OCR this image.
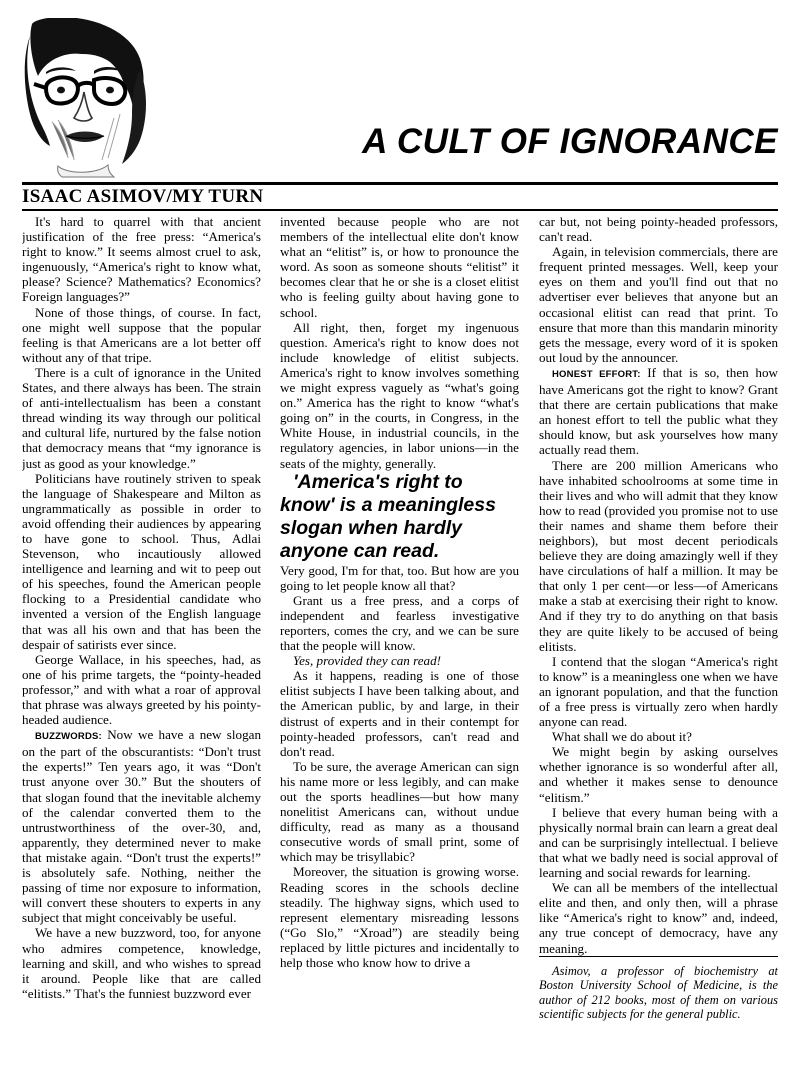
A CULT OF IGNORANCE
ISAAC ASIMOV/MY TURN

It's hard to quarrel with that ancient justification of the free press: “America's right to know.” It seems almost cruel to ask, ingenuously, “America's right to know what, please? Science? Mathematics? Economics? Foreign languages?”

None of those things, of course. In fact, one might well suppose that the popular feeling is that Americans are a lot better off without any of that tripe.

There is a cult of ignorance in the United States, and there always has been. The strain of anti-intellectualism has been a constant thread winding its way through our political and cultural life, nurtured by the false notion that democracy means that “my ignorance is just as good as your knowledge.”

Politicians have routinely striven to speak the language of Shakespeare and Milton as ungrammatically as possible in order to avoid offending their audiences by appearing to have gone to school. Thus, Adlai Stevenson, who incautiously allowed intelligence and learning and wit to peep out of his speeches, found the American people flocking to a Presidential candidate who invented a version of the English language that was all his own and that has been the despair of satirists ever since.

George Wallace, in his speeches, had, as one of his prime targets, the “pointy-headed professor,” and with what a roar of approval that phrase was always greeted by his pointy-headed audience.

BUZZWORDS: Now we have a new slogan on the part of the obscurantists: “Don't trust the experts!” Ten years ago, it was “Don't trust anyone over 30.” But the shouters of that slogan found that the inevitable alchemy of the calendar converted them to the untrustworthiness of the over-30, and, apparently, they determined never to make that mistake again. “Don't trust the experts!” is absolutely safe. Nothing, neither the passing of time nor exposure to information, will convert these shouters to experts in any subject that might conceivably be useful.

We have a new buzzword, too, for anyone who admires competence, knowledge, learning and skill, and who wishes to spread it around. People like that are called “elitists.” That's the funniest buzzword ever

invented because people who are not members of the intellectual elite don't know what an “elitist” is, or how to pronounce the word. As soon as someone shouts “elitist” it becomes clear that he or she is a closet elitist who is feeling guilty about having gone to school.

All right, then, forget my ingenuous question. America's right to know does not include knowledge of elitist subjects. America's right to know involves something we might express vaguely as “what's going on.” America has the right to know “what's going on” in the courts, in Congress, in the White House, in industrial councils, in the regulatory agencies, in labor unions—in the seats of the mighty, generally.

'America's right to know' is a meaningless slogan when hardly anyone can read.

Very good, I'm for that, too. But how are you going to let people know all that?

Grant us a free press, and a corps of independent and fearless investigative reporters, comes the cry, and we can be sure that the people will know.

Yes, provided they can read!

As it happens, reading is one of those elitist subjects I have been talking about, and the American public, by and large, in their distrust of experts and in their contempt for pointy-headed professors, can't read and don't read.

To be sure, the average American can sign his name more or less legibly, and can make out the sports headlines—but how many nonelitist Americans can, without undue difficulty, read as many as a thousand consecutive words of small print, some of which may be trisyllabic?

Moreover, the situation is growing worse. Reading scores in the schools decline steadily. The highway signs, which used to represent elementary misreading lessons (“Go Slo,” “Xroad”) are steadily being replaced by little pictures and incidentally to help those who know how to drive a

car but, not being pointy-headed professors, can't read.

Again, in television commercials, there are frequent printed messages. Well, keep your eyes on them and you'll find out that no advertiser ever believes that anyone but an occasional elitist can read that print. To ensure that more than this mandarin minority gets the message, every word of it is spoken out loud by the announcer.

HONEST EFFORT: If that is so, then how have Americans got the right to know? Grant that there are certain publications that make an honest effort to tell the public what they should know, but ask yourselves how many actually read them.

There are 200 million Americans who have inhabited schoolrooms at some time in their lives and who will admit that they know how to read (provided you promise not to use their names and shame them before their neighbors), but most decent periodicals believe they are doing amazingly well if they have circulations of half a million. It may be that only 1 per cent—or less—of Americans make a stab at exercising their right to know. And if they try to do anything on that basis they are quite likely to be accused of being elitists.

I contend that the slogan “America's right to know” is a meaningless one when we have an ignorant population, and that the function of a free press is virtually zero when hardly anyone can read.

What shall we do about it?

We might begin by asking ourselves whether ignorance is so wonderful after all, and whether it makes sense to denounce “elitism.”

I believe that every human being with a physically normal brain can learn a great deal and can be surprisingly intellectual. I believe that what we badly need is social approval of learning and social rewards for learning.

We can all be members of the intellectual elite and then, and only then, will a phrase like “America's right to know” and, indeed, any true concept of democracy, have any meaning.

Asimov, a professor of biochemistry at Boston University School of Medicine, is the author of 212 books, most of them on various scientific subjects for the general public.
